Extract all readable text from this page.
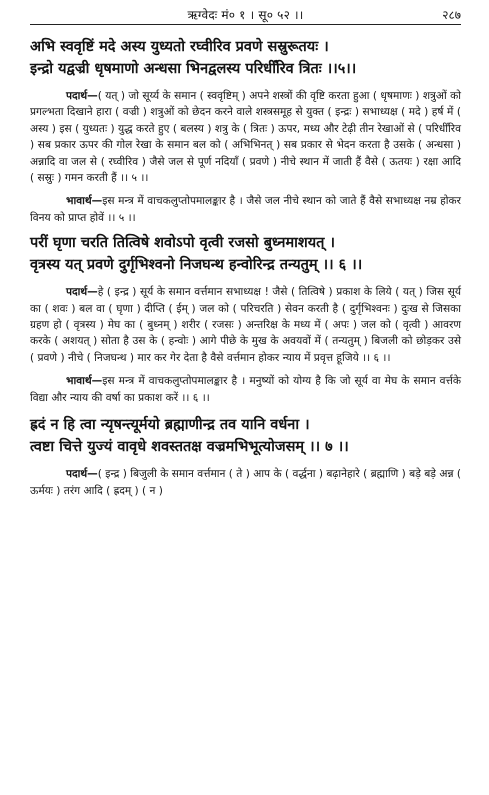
ऋग्वेदः मं० १ । सू० ५२ ।।	२८७
अभि स्ववृष्टिं मदे अस्य युध्यतो रघ्वीरिव प्रवणे सस्रुरूतयः ।
इन्द्रो यद्वज्री धृषमाणो अन्धसा भिनद्वलस्य परिधीँरिव त्रितः ।।५।।

पदार्थ—( यत् ) जो सूर्य्य के समान ( स्ववृष्टिम् ) अपने शस्त्रों की वृष्टि करता हुआ ( धृषमाणः ) शत्रुओं को प्रगल्भता दिखाने हारा ( वज्री ) शत्रुओं को छेदन करने वाले शस्त्रसमूह से युक्त ( इन्द्रः ) सभाध्यक्ष ( मदे ) हर्ष में ( अस्य ) इस ( युध्यतः ) युद्ध करते हुए ( बलस्य ) शत्रु के ( त्रितः ) ऊपर, मध्य और टेढ़ी तीन रेखाओं से ( परिधीँरिव ) सब प्रकार ऊपर की गोल रेखा के समान बल को ( अभिभिनत् ) सब प्रकार से भेदन करता है उसके ( अन्धसा ) अन्नादि वा जल से ( रघ्वीरिव ) जैसे जल से पूर्ण नदियाँ ( प्रवणे ) नीचे स्थान में जाती हैं वैसे ( ऊतयः ) रक्षा आदि ( सस्रुः ) गमन करती हैं ।। ५ ।।

भावार्थ—इस मन्त्र में वाचकलुप्तोपमालङ्कार है । जैसे जल नीचे स्थान को जाते हैं वैसे सभाध्यक्ष नम्र होकर विनय को प्राप्त होवें ।। ५ ।।

परीं घृणा चरति तित्विषे शवोऽपो वृत्वी रजसो बुध्नमाशयत् ।
वृत्रस्य यत् प्रवणे दुर्गृभिश्वनो निजघन्थ हन्वोरिन्द्र तन्यतुम् ।। ६ ।।

पदार्थ—हे ( इन्द्र ) सूर्य के समान वर्त्तमान सभाध्यक्ष ! जैसे ( तित्विषे ) प्रकाश के लिये ( यत् ) जिस सूर्य का ( शवः ) बल वा ( घृणा ) दीप्ति ( ईम् ) जल को ( परिचरति ) सेवन करती है ( दुर्गृभिश्वनः ) दुःख से जिसका ग्रहण हो ( वृत्रस्य ) मेघ का ( बुध्नम् ) शरीर ( रजसः ) अन्तरिक्ष के मध्य में ( अपः ) जल को ( वृत्वी ) आवरण करके ( अशयत् ) सोता है उस के ( हन्वोः ) आगे पीछे के मुख के अवयवों में ( तन्यतुम् ) बिजली को छोड़कर उसे ( प्रवणे ) नीचे ( निजघन्थ ) मार कर गेर देता है वैसे वर्त्तमान होकर न्याय में प्रवृत्त हूजिये ।। ६ ।।

भावार्थ—इस मन्त्र में वाचकलुप्तोपमालङ्कार है । मनुष्यों को योग्य है कि जो सूर्य वा मेघ के समान वर्त्तके विद्या और न्याय की वर्षा का प्रकाश करें ।। ६ ।।

ह्रदं न हि त्वा न्यृषन्त्यूर्मयो ब्रह्माणीन्द्र तव यानि वर्धना ।
त्वष्टा चित्ते युज्यं वावृधे शवस्ततक्ष वज्रमभिभूत्योजसम् ।। ७ ।।

पदार्थ—( इन्द्र ) बिजुली के समान वर्त्तमान ( ते ) आप के ( वर्द्धना ) बढ़ानेहारे ( ब्रह्माणि ) बड़े बड़े अन्न ( ऊर्मयः ) तरंग आदि ( ह्रदम् ) ( न )
